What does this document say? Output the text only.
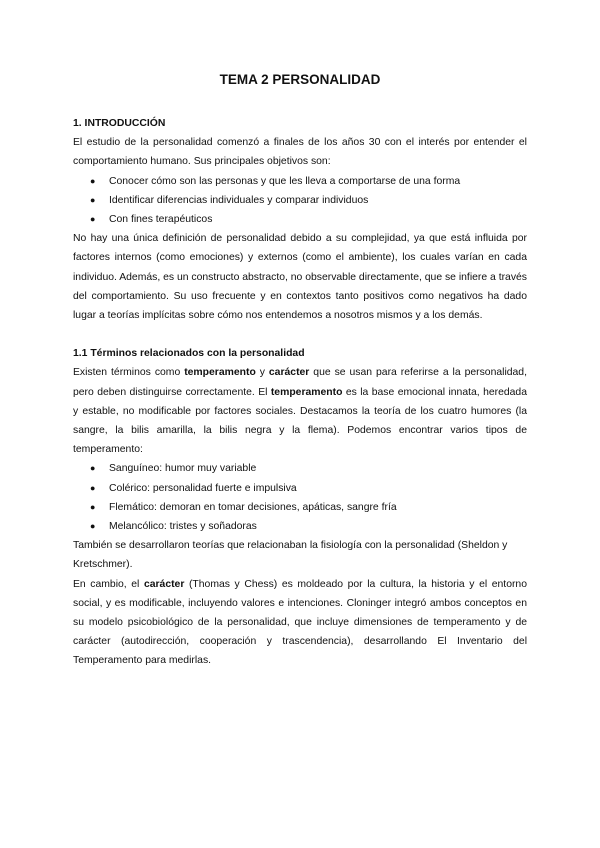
TEMA 2 PERSONALIDAD

1. INTRODUCCIÓN

El estudio de la personalidad comenzó a finales de los años 30 con el interés por entender el comportamiento humano. Sus principales objetivos son:

● Conocer cómo son las personas y que les lleva a comportarse de una forma
● Identificar diferencias individuales y comparar individuos
● Con fines terapéuticos

No hay una única definición de personalidad debido a su complejidad, ya que está influida por factores internos (como emociones) y externos (como el ambiente), los cuales varían en cada individuo. Además, es un constructo abstracto, no observable directamente, que se infiere a través del comportamiento. Su uso frecuente y en contextos tanto positivos como negativos ha dado lugar a teorías implícitas sobre cómo nos entendemos a nosotros mismos y a los demás.

1.1 Términos relacionados con la personalidad

Existen términos como temperamento y carácter que se usan para referirse a la personalidad, pero deben distinguirse correctamente. El temperamento es la base emocional innata, heredada y estable, no modificable por factores sociales. Destacamos la teoría de los cuatro humores (la sangre, la bilis amarilla, la bilis negra y la flema). Podemos encontrar varios tipos de temperamento:

● Sanguíneo: humor muy variable
● Colérico: personalidad fuerte e impulsiva
● Flemático: demoran en tomar decisiones, apáticas, sangre fría
● Melancólico: tristes y soñadoras

También se desarrollaron teorías que relacionaban la fisiología con la personalidad (Sheldon y Kretschmer).

En cambio, el carácter (Thomas y Chess) es moldeado por la cultura, la historia y el entorno social, y es modificable, incluyendo valores e intenciones. Cloninger integró ambos conceptos en su modelo psicobiológico de la personalidad, que incluye dimensiones de temperamento y de carácter (autodirección, cooperación y trascendencia), desarrollando El Inventario del Temperamento para medirlas.
